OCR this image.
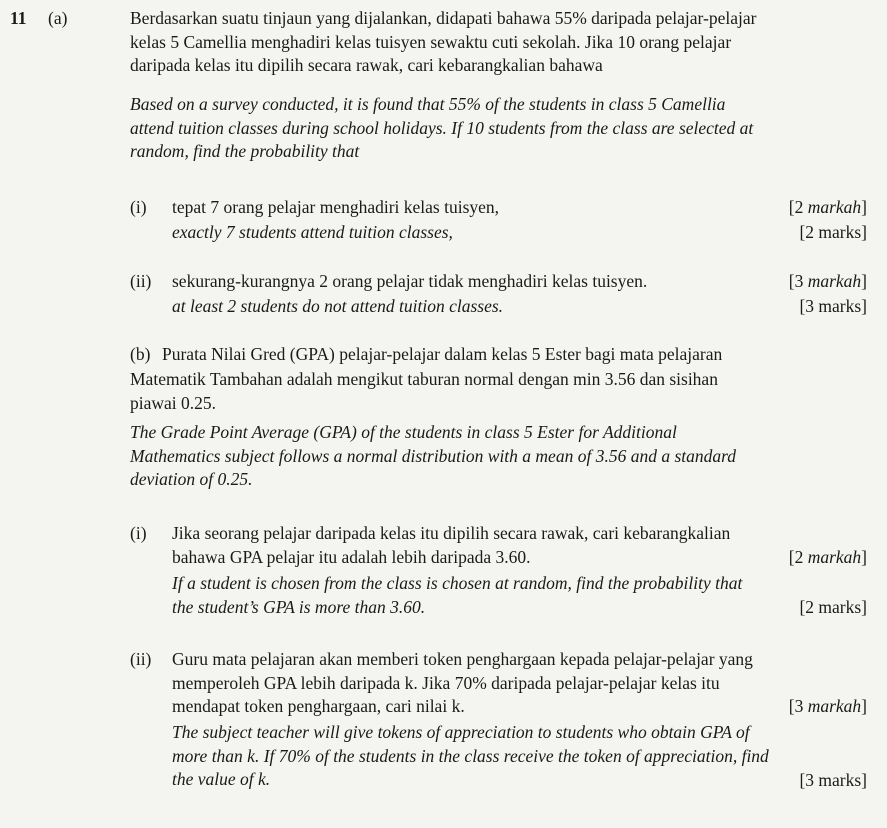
11 (a)	Berdasarkan suatu tinjaun yang dijalankan, didapati bahawa 55% daripada pelajar-pelajar
kelas 5 Camellia menghadiri kelas tuisyen sewaktu cuti sekolah. Jika 10 orang pelajar
daripada kelas itu dipilih secara rawak, cari kebarangkalian bahawa
Based on a survey conducted, it is found that 55% of the students in class 5 Camellia
attend tuition classes during school holidays. If 10 students from the class are selected at
random, find the probability that
(i) tepat 7 orang pelajar menghadiri kelas tuisyen,	[2 markah]
exactly 7 students attend tuition classes,	[2 marks]
(ii) sekurang-kurangnya 2 orang pelajar tidak menghadiri kelas tuisyen.	[3 markah]
at least 2 students do not attend tuition classes.	[3 marks]
(b) Purata Nilai Gred (GPA) pelajar-pelajar dalam kelas 5 Ester bagi mata pelajaran
Matematik Tambahan adalah mengikut taburan normal dengan min 3.56 dan sisihan
piawai 0.25.
The Grade Point Average (GPA) of the students in class 5 Ester for Additional
Mathematics subject follows a normal distribution with a mean of 3.56 and a standard
deviation of 0.25.
(i) Jika seorang pelajar daripada kelas itu dipilih secara rawak, cari kebarangkalian
bahawa GPA pelajar itu adalah lebih daripada 3.60.	[2 markah]
If a student is chosen from the class is chosen at random, find the probability that
the student’s GPA is more than 3.60.	[2 marks]
(ii) Guru mata pelajaran akan memberi token penghargaan kepada pelajar-pelajar yang
memperoleh GPA lebih daripada k. Jika 70% daripada pelajar-pelajar kelas itu
mendapat token penghargaan, cari nilai k.	[3 markah]
The subject teacher will give tokens of appreciation to students who obtain GPA of
more than k. If 70% of the students in the class receive the token of appreciation, find
the value of k.	[3 marks]
